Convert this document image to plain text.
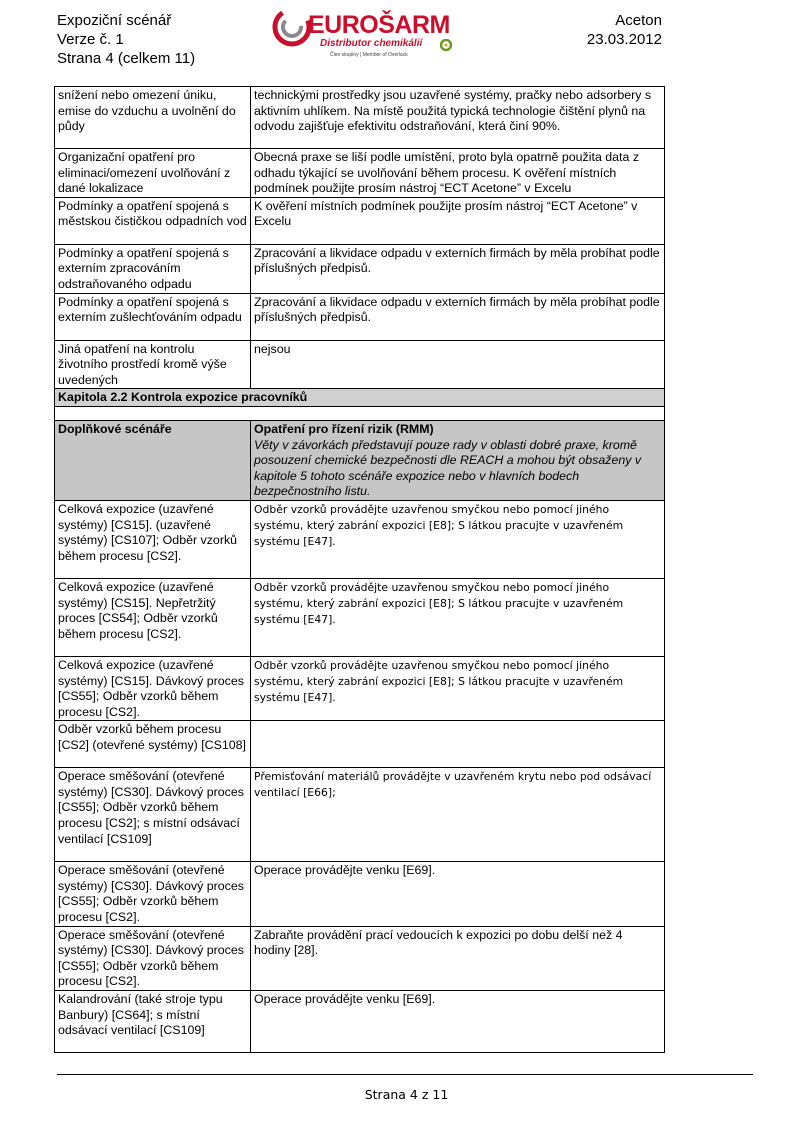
Expoziční scénář
Verze č. 1
Strana 4 (celkem 11)
EUROŠARM
Distributor chemikálií
Člen skupiny | Member of Overlack
Aceton
23.03.2012
snížení nebo omezení úniku, emise do vzduchu a uvolnění do půdy	technickými prostředky jsou uzavřené systémy, pračky nebo adsorbery s aktivním uhlíkem. Na místě použitá typická technologie čištění plynů na odvodu zajišťuje efektivitu odstraňování, která činí 90%.
Organizační opatření pro eliminaci/omezení uvolňování z dané lokalizace	Obecná praxe se liší podle umístění, proto byla opatrně použita data z odhadu týkající se uvolňování během procesu. K ověření místních podmínek použijte prosím nástroj “ECT Acetone” v Excelu
Podmínky a opatření spojená s městskou čističkou odpadních vod	K ověření místních podmínek použijte prosím nástroj “ECT Acetone” v Excelu
Podmínky a opatření spojená s externím zpracováním odstraňovaného odpadu	Zpracování a likvidace odpadu v externích firmách by měla probíhat podle příslušných předpisů.
Podmínky a opatření spojená s externím zušlechťováním odpadu	Zpracování a likvidace odpadu v externích firmách by měla probíhat podle příslušných předpisů.
Jiná opatření na kontrolu životního prostředí kromě výše uvedených	nejsou
Kapitola 2.2 Kontrola expozice pracovníků	

Doplňkové scénáře	Opatření pro řízení rizik (RMM)
Věty v závorkách představují pouze rady v oblasti dobré praxe, kromě posouzení chemické bezpečnosti dle REACH a mohou být obsaženy v kapitole 5 tohoto scénáře expozice nebo v hlavních bodech bezpečnostního listu.

Celková expozice (uzavřené systémy) [CS15]. (uzavřené systémy) [CS107]; Odběr vzorků během procesu [CS2].	Odběr vzorků provádějte uzavřenou smyčkou nebo pomocí jiného systému, který zabrání expozici [E8]; S látkou pracujte v uzavřeném systému [E47].
Celková expozice (uzavřené systémy) [CS15]. Nepřetržitý proces [CS54]; Odběr vzorků během procesu [CS2].	Odběr vzorků provádějte uzavřenou smyčkou nebo pomocí jiného systému, který zabrání expozici [E8]; S látkou pracujte v uzavřeném systému [E47].
Celková expozice (uzavřené systémy) [CS15]. Dávkový proces [CS55]; Odběr vzorků během procesu [CS2].	Odběr vzorků provádějte uzavřenou smyčkou nebo pomocí jiného systému, který zabrání expozici [E8]; S látkou pracujte v uzavřeném systému [E47].
Odběr vzorků během procesu [CS2] (otevřené systémy) [CS108]	
Operace směšování (otevřené systémy) [CS30]. Dávkový proces [CS55]; Odběr vzorků během procesu [CS2]; s místní odsávací ventilací [CS109]	Přemisťování materiálů provádějte v uzavřeném krytu nebo pod odsávací ventilací [E66];
Operace směšování (otevřené systémy) [CS30]. Dávkový proces [CS55]; Odběr vzorků během procesu [CS2].	Operace provádějte venku [E69].
Operace směšování (otevřené systémy) [CS30]. Dávkový proces [CS55]; Odběr vzorků během procesu [CS2].	Zabraňte provádění prací vedoucích k expozici po dobu delší než 4 hodiny [28].
Kalandrování (také stroje typu Banbury) [CS64]; s místní odsávací ventilací [CS109]	Operace provádějte venku [E69].
Strana 4 z 11
